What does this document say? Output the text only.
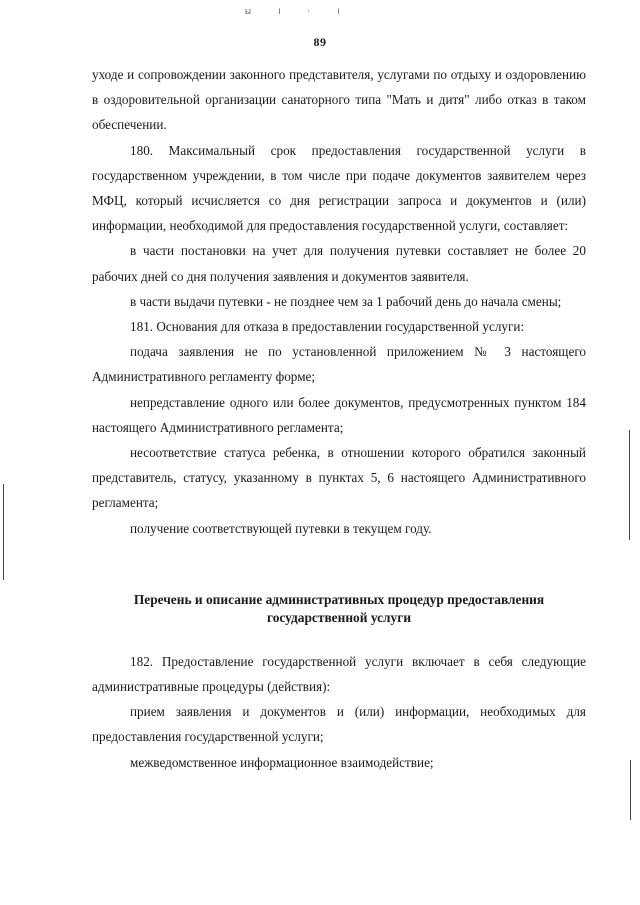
ы । · ।
89

уходе и сопровождении законного представителя, услугами по отдыху и оздоровлению в оздоровительной организации санаторного типа "Мать и дитя" либо отказ в таком обеспечении.

180. Максимальный срок предоставления государственной услуги в государственном учреждении, в том числе при подаче документов заявителем через МФЦ, который исчисляется со дня регистрации запроса и документов и (или) информации, необходимой для предоставления государственной услуги, составляет:

в части постановки на учет для получения путевки составляет не более 20 рабочих дней со дня получения заявления и документов заявителя.

в части выдачи путевки - не позднее чем за 1 рабочий день до начала смены;

181. Основания для отказа в предоставлении государственной услуги:

подача заявления не по установленной приложением № 3 настоящего Административного регламенту форме;

непредставление одного или более документов, предусмотренных пунктом 184 настоящего Административного регламента;

несоответствие статуса ребенка, в отношении которого обратился законный представитель, статусу, указанному в пунктах 5, 6 настоящего Административного регламента;

получение соответствующей путевки в текущем году.

Перечень и описание административных процедур предоставления государственной услуги

182. Предоставление государственной услуги включает в себя следующие административные процедуры (действия):

прием заявления и документов и (или) информации, необходимых для предоставления государственной услуги;

межведомственное информационное взаимодействие;
